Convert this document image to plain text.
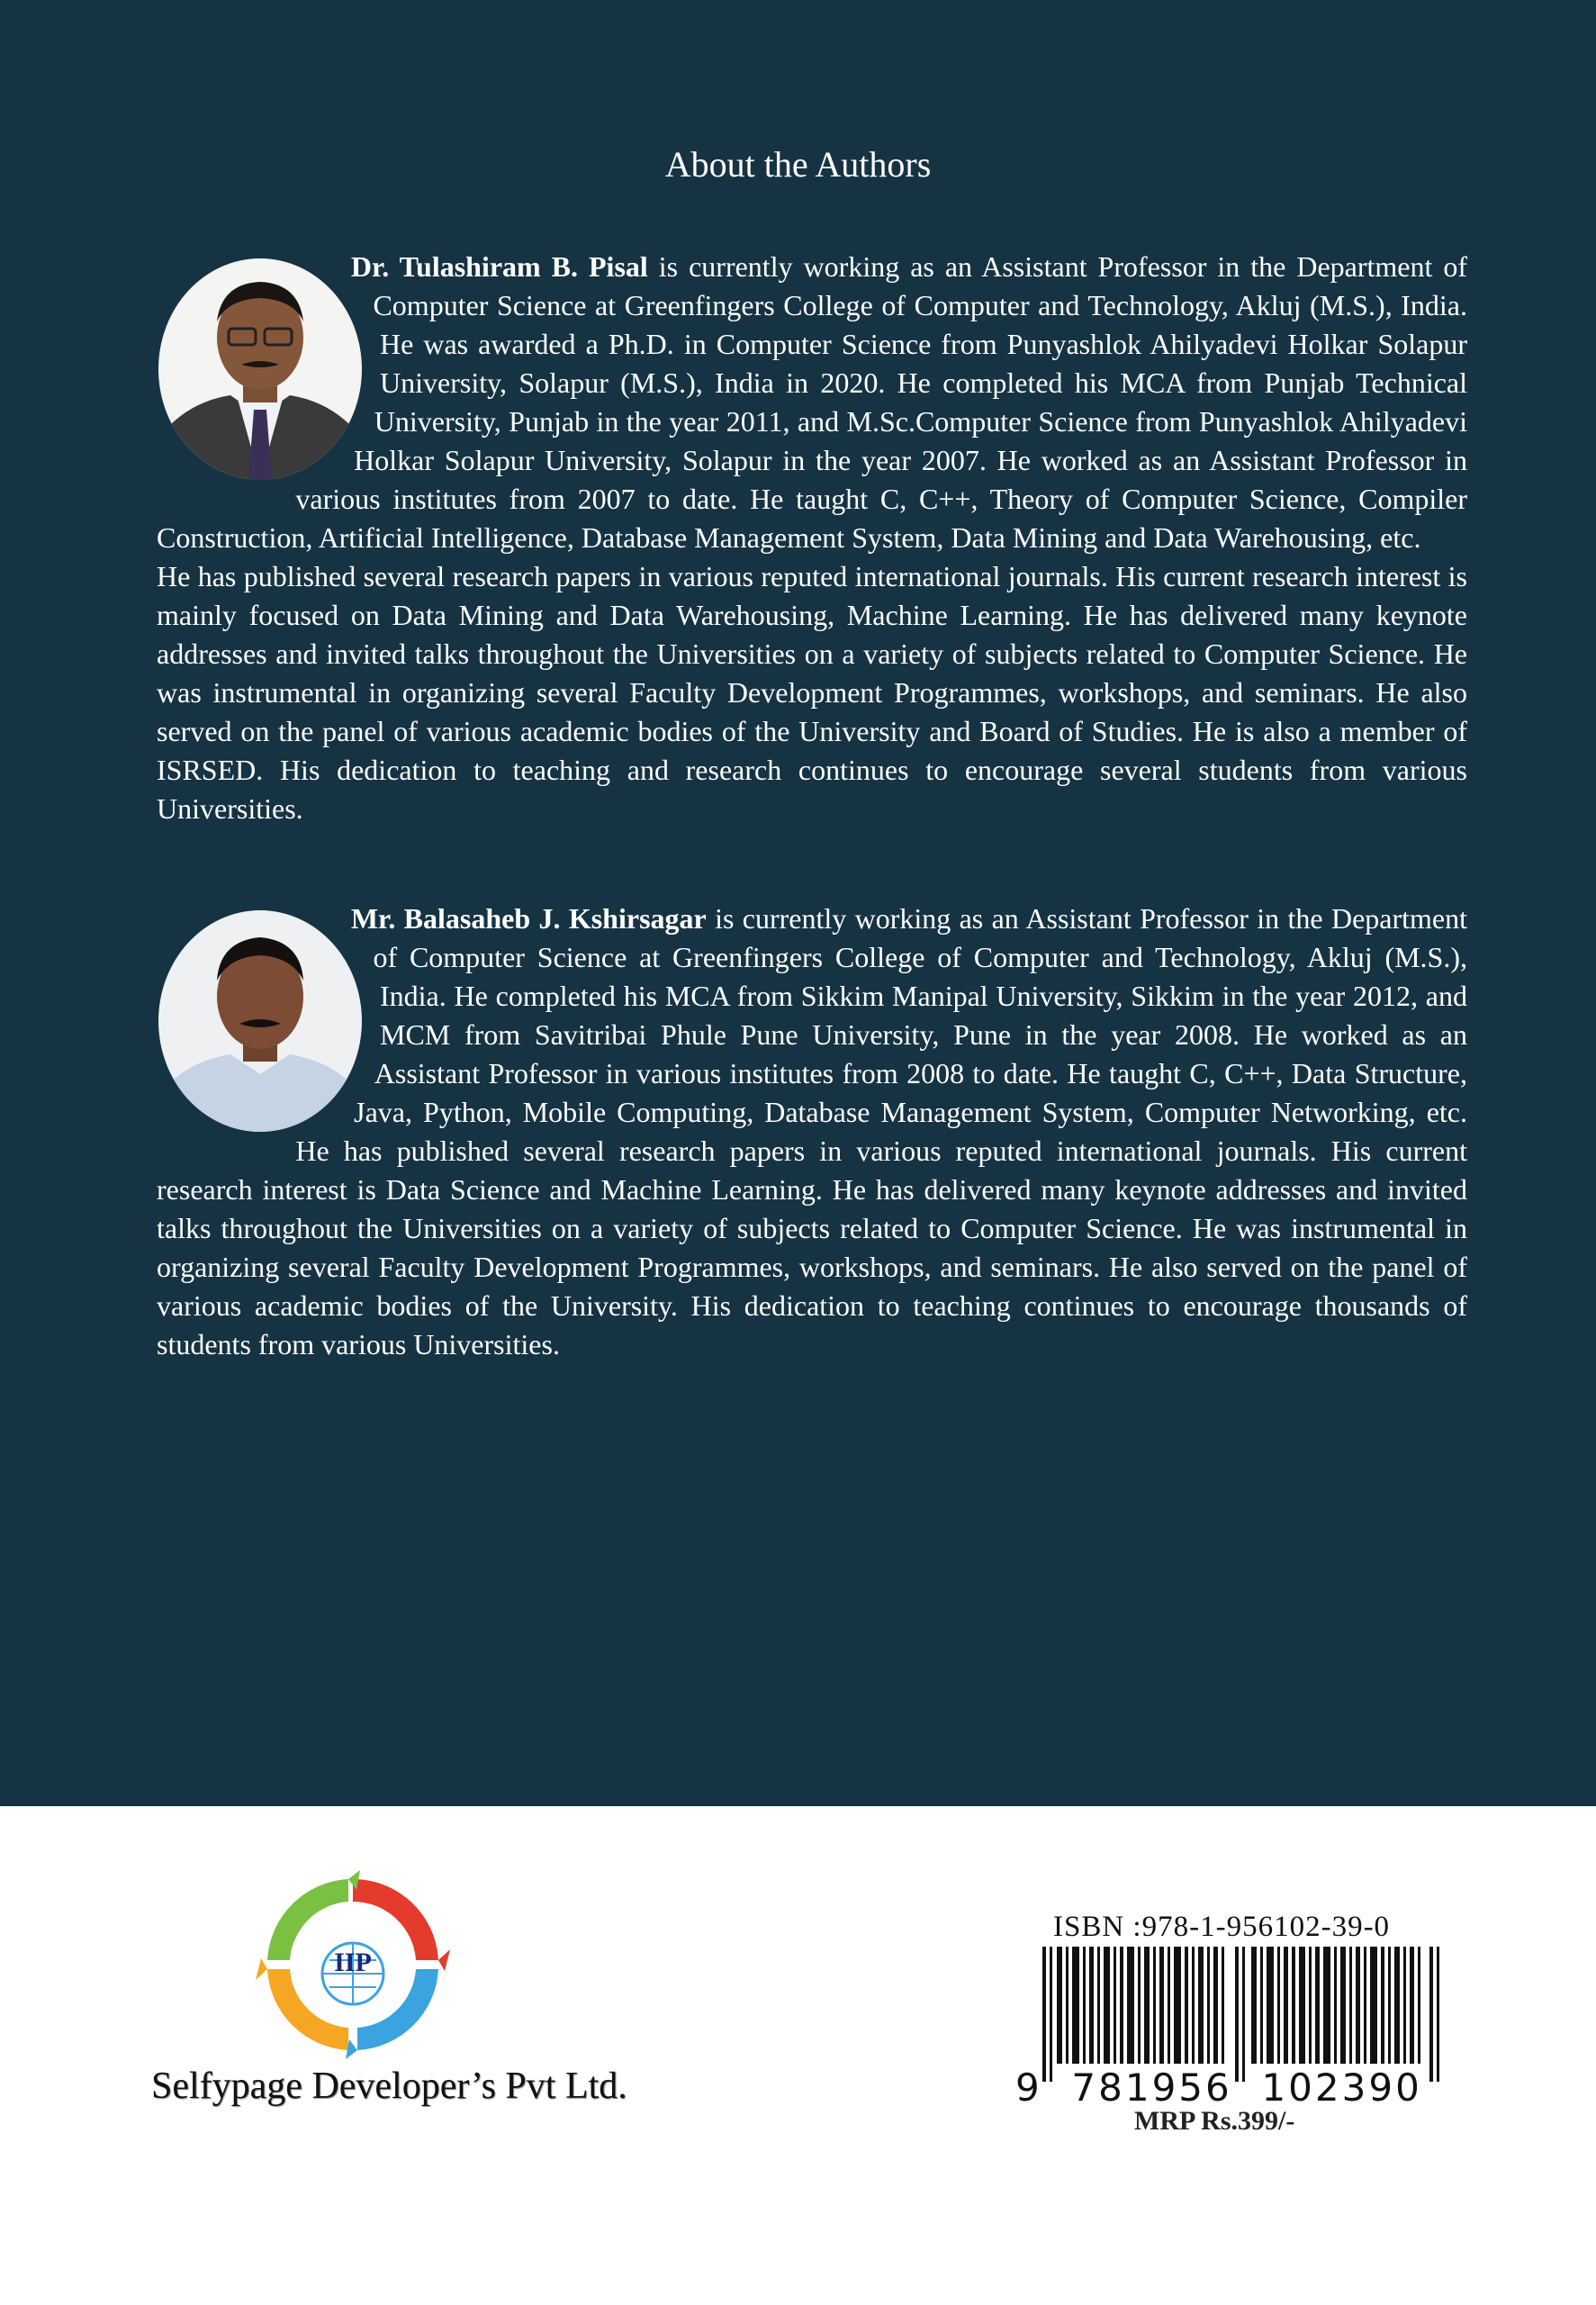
About the Authors
Dr. Tulashiram B. Pisal is currently working as an Assistant Professor in the Department of Computer Science at Greenfingers College of Computer and Technology, Akluj (M.S.), India. He was awarded a Ph.D. in Computer Science from Punyashlok Ahilyadevi Holkar Solapur University, Solapur (M.S.), India in 2020. He completed his MCA from Punjab Technical University, Punjab in the year 2011, and M.Sc.Computer Science from Punyashlok Ahilyadevi Holkar Solapur University, Solapur in the year 2007. He worked as an Assistant Professor in various institutes from 2007 to date. He taught C, C++, Theory of Computer Science, Compiler Construction, Artificial Intelligence, Database Management System, Data Mining and Data Warehousing, etc.

He has published several research papers in various reputed international journals. His current research interest is mainly focused on Data Mining and Data Warehousing, Machine Learning. He has delivered many keynote addresses and invited talks throughout the Universities on a variety of subjects related to Computer Science. He was instrumental in organizing several Faculty Development Programmes, workshops, and seminars. He also served on the panel of various academic bodies of the University and Board of Studies. He is also a member of ISRSED. His dedication to teaching and research continues to encourage several students from various Universities.

Mr. Balasaheb J. Kshirsagar is currently working as an Assistant Professor in the Department of Computer Science at Greenfingers College of Computer and Technology, Akluj (M.S.), India. He completed his MCA from Sikkim Manipal University, Sikkim in the year 2012, and MCM from Savitribai Phule Pune University, Pune in the year 2008. He worked as an Assistant Professor in various institutes from 2008 to date. He taught C, C++, Data Structure, Java, Python, Mobile Computing, Database Management System, Computer Networking, etc. He has published several research papers in various reputed international journals. His current research interest is Data Science and Machine Learning. He has delivered many keynote addresses and invited talks throughout the Universities on a variety of subjects related to Computer Science. He was instrumental in organizing several Faculty Development Programmes, workshops, and seminars. He also served on the panel of various academic bodies of the University. His dedication to teaching continues to encourage thousands of students from various Universities.
IIP
Selfypage Developer’s Pvt Ltd.
ISBN :978-1-956102-39-0
9  781956  102390
MRP Rs.399/-
